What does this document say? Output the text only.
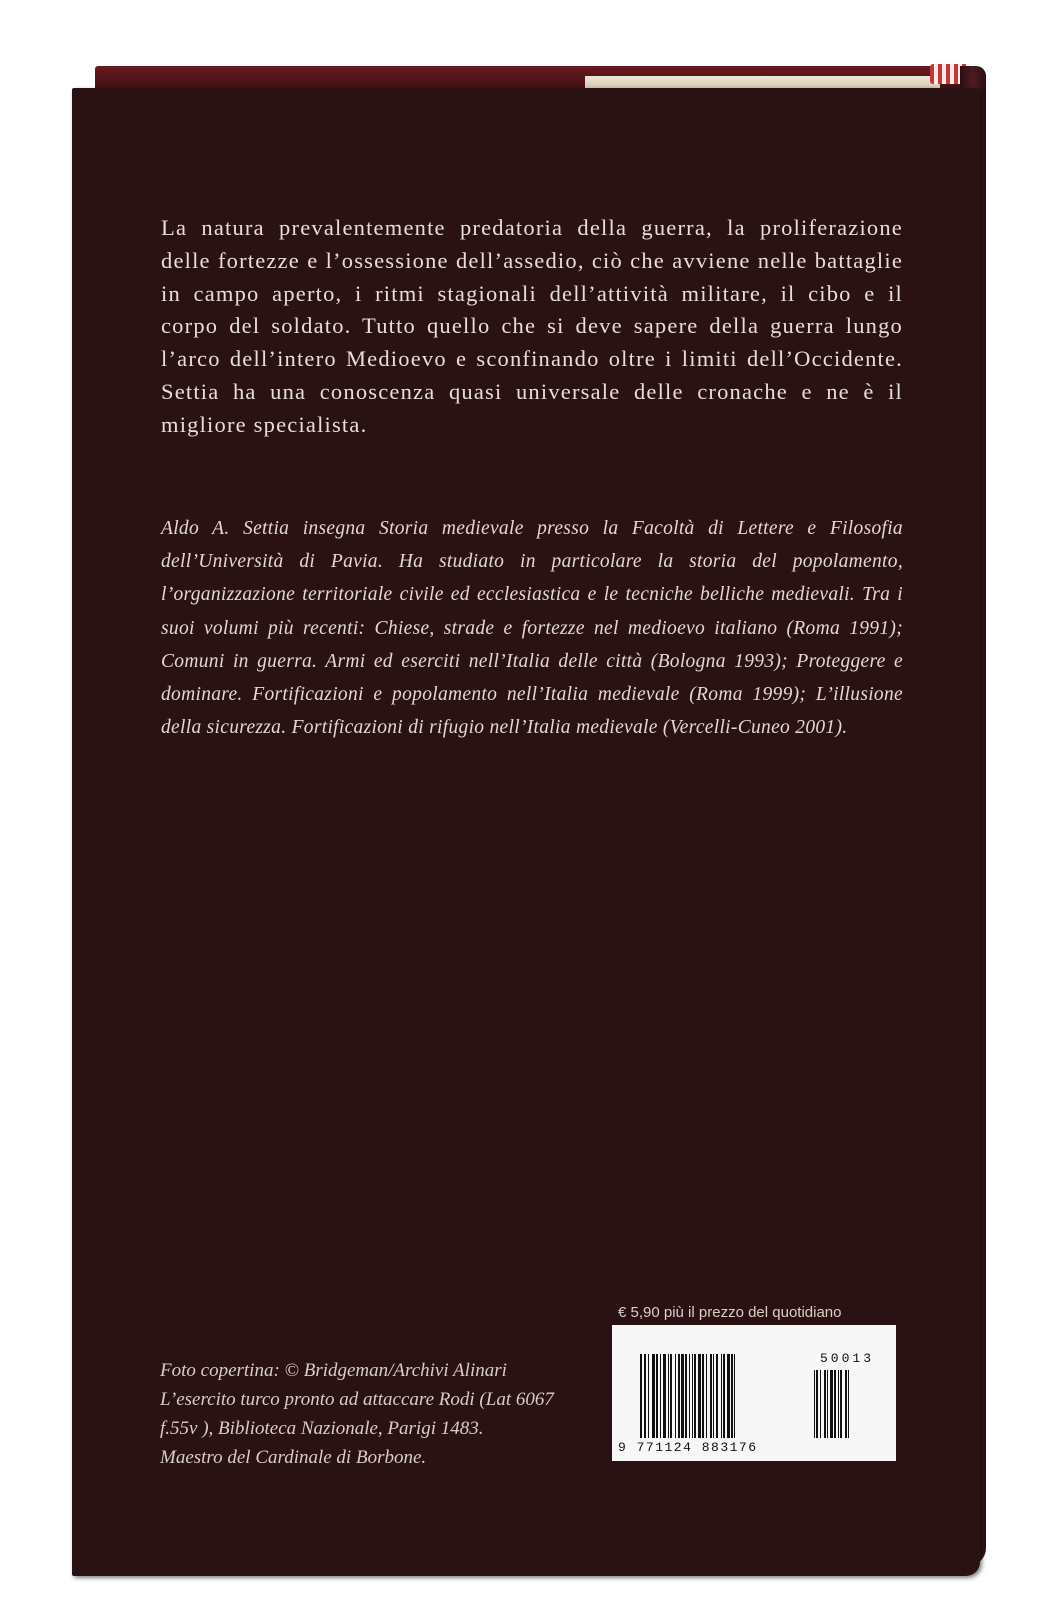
La natura prevalentemente predatoria della guerra, la proliferazione delle fortezze e l’ossessione dell’assedio, ciò che avviene nelle battaglie in campo aperto, i ritmi stagionali dell’attività militare, il cibo e il corpo del soldato. Tutto quello che si deve sapere della guerra lungo l’arco dell’intero Medioevo e sconfinando oltre i limiti dell’Occidente. Settia ha una conoscenza quasi universale delle cronache e ne è il migliore specialista.

Aldo A. Settia insegna Storia medievale presso la Facoltà di Lettere e Filosofia dell’Università di Pavia. Ha studiato in particolare la storia del popolamento, l’organizzazione territoriale civile ed ecclesiastica e le tecniche belliche medievali. Tra i suoi volumi più recenti: Chiese, strade e fortezze nel medioevo italiano (Roma 1991); Comuni in guerra. Armi ed eserciti nell’Italia delle città (Bologna 1993); Proteggere e dominare. Fortificazioni e popolamento nell’Italia medievale (Roma 1999); L’illusione della sicurezza. Fortificazioni di rifugio nell’Italia medievale (Vercelli-Cuneo 2001).

Foto copertina: © Bridgeman/Archivi Alinari
L’esercito turco pronto ad attaccare Rodi (Lat 6067
f.55v ), Biblioteca Nazionale, Parigi 1483.
Maestro del Cardinale di Borbone.
€ 5,90 più il prezzo del quotidiano
9 771124 883176
50013
